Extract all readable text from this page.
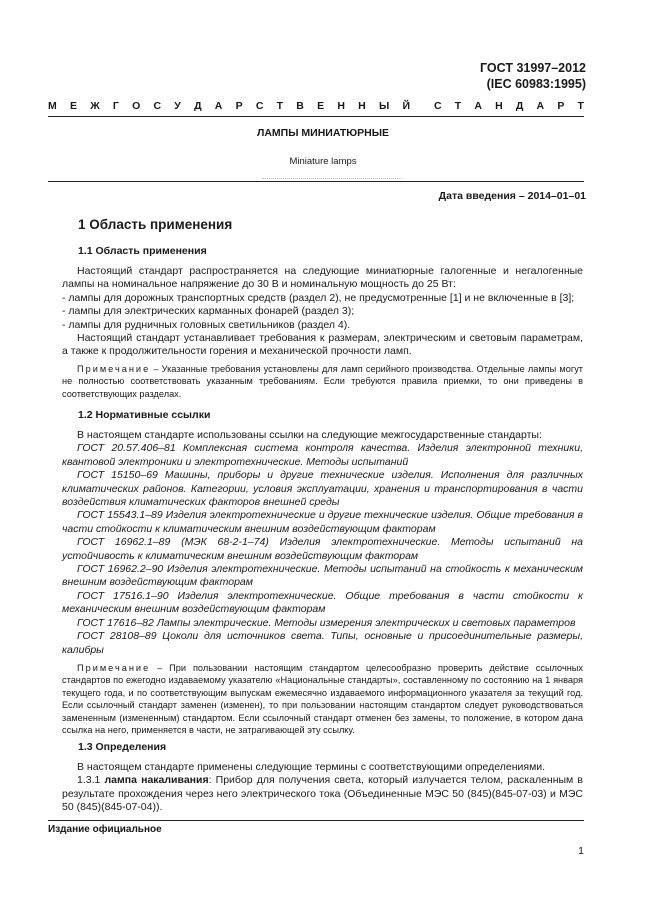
ГОСТ 31997–2012
(IEC 60983:1995)
М Е Ж Г О С У Д А Р С Т В Е Н Н Ы Й С Т А Н Д А Р Т
ЛАМПЫ МИНИАТЮРНЫЕ
Miniature lamps
Дата введения – 2014–01–01
1 Область применения
1.1 Область применения

Настоящий стандарт распространяется на следующие миниатюрные галогенные и негалогенные лампы на номинальное напряжение до 30 В и номинальную мощность до 25 Вт:

- лампы для дорожных транспортных средств (раздел 2), не предусмотренные [1] и не включенные в [3];

- лампы для электрических карманных фонарей (раздел 3);

- лампы для рудничных головных светильников (раздел 4).

Настоящий стандарт устанавливает требования к размерам, электрическим и световым параметрам, а также к продолжительности горения и механической прочности ламп.

Примечание – Указанные требования установлены для ламп серийного производства. Отдельные лампы могут не полностью соответствовать указанным требованиям. Если требуются правила приемки, то они приведены в соответствующих разделах.

1.2 Нормативные ссылки

В настоящем стандарте использованы ссылки на следующие межгосударственные стандарты:

ГОСТ 20.57.406–81 Комплексная система контроля качества. Изделия электронной техники, квантовой электроники и электротехнические. Методы испытаний

ГОСТ 15150–69 Машины, приборы и другие технические изделия. Исполнения для различных климатических районов. Категории, условия эксплуатации, хранения и транспортирования в части воздействия климатических факторов внешней среды

ГОСТ 15543.1–89 Изделия электротехнические и другие технические изделия. Общие требования в части стойкости к климатическим внешним воздействующим факторам

ГОСТ 16962.1–89 (МЭК 68-2-1–74) Изделия электротехнические. Методы испытаний на устойчивость к климатическим внешним воздействующим факторам

ГОСТ 16962.2–90 Изделия электротехнические. Методы испытаний на стойкость к механическим внешним воздействующим факторам

ГОСТ 17516.1–90 Изделия электротехнические. Общие требования в части стойкости к механическим внешним воздействующим факторам

ГОСТ 17616–82 Лампы электрические. Методы измерения электрических и световых параметров

ГОСТ 28108–89 Цоколи для источников света. Типы, основные и присоединительные размеры, калибры

Примечание – При пользовании настоящим стандартом целесообразно проверить действие ссылочных стандартов по ежегодно издаваемому указателю «Национальные стандарты», составленному по состоянию на 1 января текущего года, и по соответствующим выпускам ежемесячно издаваемого информационного указателя за текущий год. Если ссылочный стандарт заменен (изменен), то при пользовании настоящим стандартом следует руководствоваться замененным (измененным) стандартом. Если ссылочный стандарт отменен без замены, то положение, в котором дана ссылка на него, применяется в части, не затрагивающей эту ссылку.

1.3 Определения

В настоящем стандарте применены следующие термины с соответствующими определениями.

1.3.1 лампа накаливания: Прибор для получения света, который излучается телом, раскаленным в результате прохождения через него электрического тока (Объединенные МЭС 50 (845)(845-07-03) и МЭС 50 (845)(845-07-04)).

Издание официальное
1
